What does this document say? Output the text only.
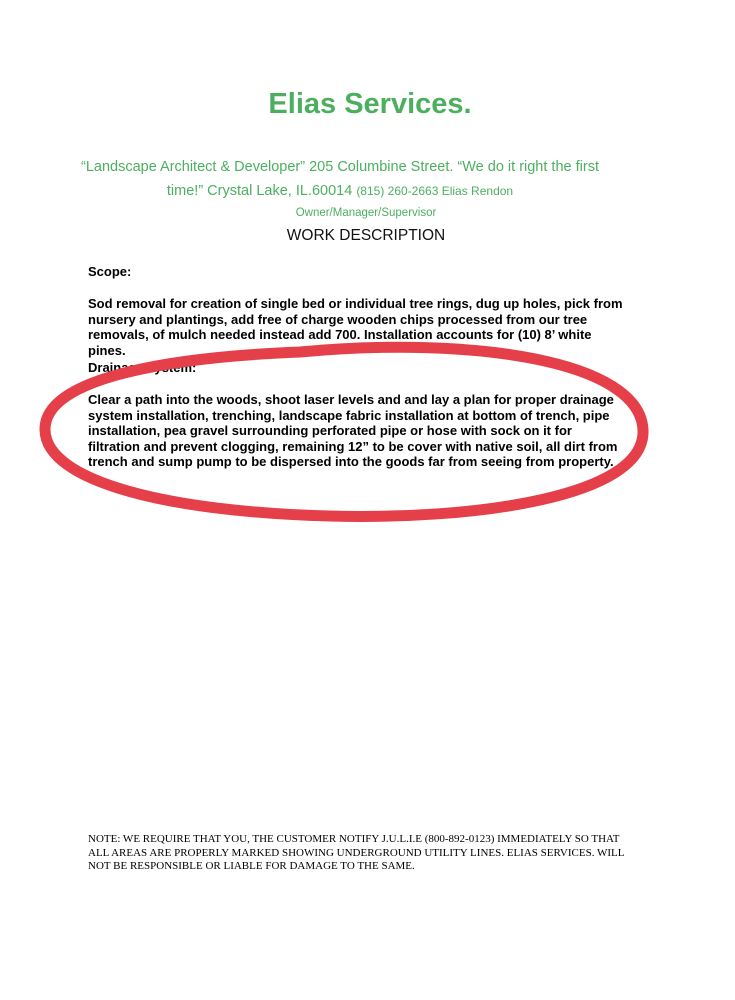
Elias Services.
“Landscape Architect & Developer” 205 Columbine Street. “We do it right the first
time!” Crystal Lake, IL.60014 (815) 260-2663 Elias Rendon
Owner/Manager/Supervisor
WORK DESCRIPTION
Scope:
Sod removal for creation of single bed or individual tree rings, dug up holes, pick from nursery and plantings, add free of charge wooden chips processed from our tree removals, of mulch needed instead add 700. Installation accounts for (10) 8’ white pines.
Drainage system:
Clear a path into the woods, shoot laser levels and and lay a plan for proper drainage system installation, trenching, landscape fabric installation at bottom of trench, pipe installation, pea gravel surrounding perforated pipe or hose with sock on it for filtration and prevent clogging, remaining 12” to be cover with native soil, all dirt from trench and sump pump to be dispersed into the goods far from seeing from property.
NOTE: WE REQUIRE THAT YOU, THE CUSTOMER NOTIFY J.U.L.I.E (800-892-0123) IMMEDIATELY SO THAT ALL AREAS ARE PROPERLY MARKED SHOWING UNDERGROUND UTILITY LINES. ELIAS SERVICES. WILL NOT BE RESPONSIBLE OR LIABLE FOR DAMAGE TO THE SAME.
